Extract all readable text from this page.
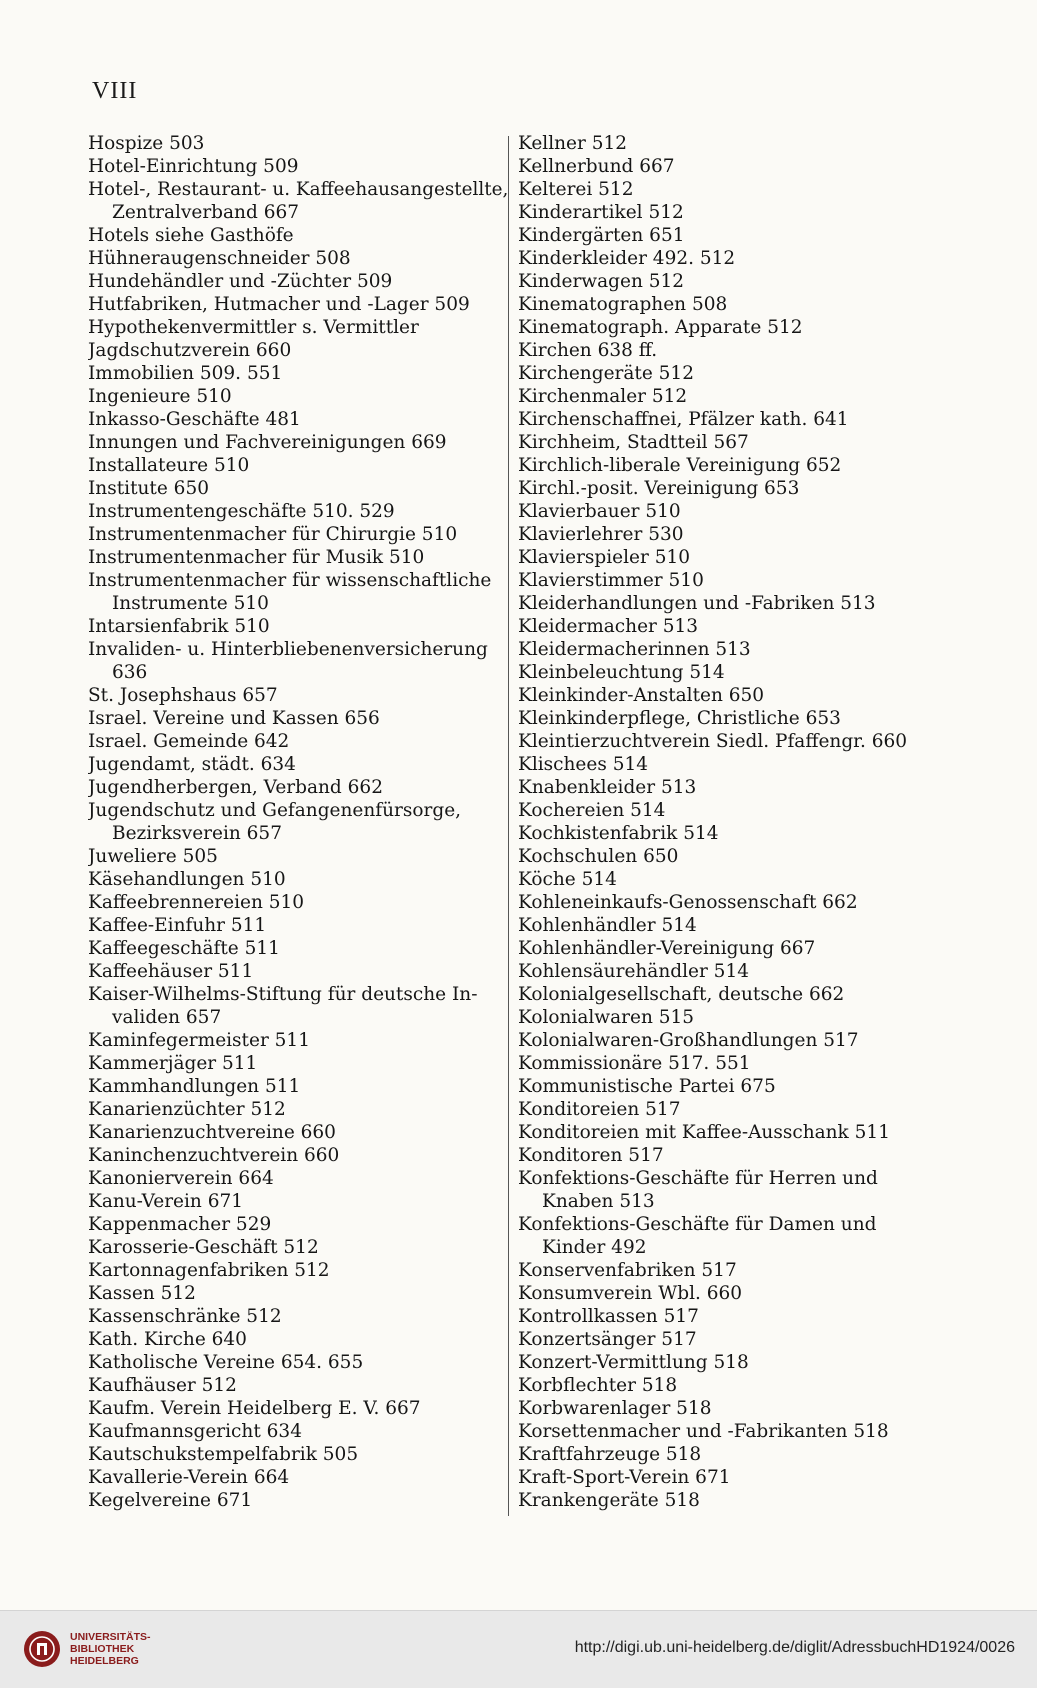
VIII
Hospize 503
Hotel-Einrichtung 509
Hotel-, Restaurant- u. Kaffeehausangestellte,
Zentralverband 667
Hotels siehe Gasthöfe
Hühneraugenschneider 508
Hundehändler und -Züchter 509
Hutfabriken, Hutmacher und -Lager 509
Hypothekenvermittler s. Vermittler
Jagdschutzverein 660
Immobilien 509. 551
Ingenieure 510
Inkasso-Geschäfte 481
Innungen und Fachvereinigungen 669
Installateure 510
Institute 650
Instrumentengeschäfte 510. 529
Instrumentenmacher für Chirurgie 510
Instrumentenmacher für Musik 510
Instrumentenmacher für wissenschaftliche
Instrumente 510
Intarsienfabrik 510
Invaliden- u. Hinterbliebenenversicherung
636
St. Josephshaus 657
Israel. Vereine und Kassen 656
Israel. Gemeinde 642
Jugendamt, städt. 634
Jugendherbergen, Verband 662
Jugendschutz und Gefangenenfürsorge,
Bezirksverein 657
Juweliere 505
Käsehandlungen 510
Kaffeebrennereien 510
Kaffee-Einfuhr 511
Kaffeegeschäfte 511
Kaffeehäuser 511
Kaiser-Wilhelms-Stiftung für deutsche In-
validen 657
Kaminfegermeister 511
Kammerjäger 511
Kammhandlungen 511
Kanarienzüchter 512
Kanarienzuchtvereine 660
Kaninchenzuchtverein 660
Kanonierverein 664
Kanu-Verein 671
Kappenmacher 529
Karosserie-Geschäft 512
Kartonnagenfabriken 512
Kassen 512
Kassenschränke 512
Kath. Kirche 640
Katholische Vereine 654. 655
Kaufhäuser 512
Kaufm. Verein Heidelberg E. V. 667
Kaufmannsgericht 634
Kautschukstempelfabrik 505
Kavallerie-Verein 664
Kegelvereine 671
Kellner 512
Kellnerbund 667
Kelterei 512
Kinderartikel 512
Kindergärten 651
Kinderkleider 492. 512
Kinderwagen 512
Kinematographen 508
Kinematograph. Apparate 512
Kirchen 638 ff.
Kirchengeräte 512
Kirchenmaler 512
Kirchenschaffnei, Pfälzer kath. 641
Kirchheim, Stadtteil 567
Kirchlich-liberale Vereinigung 652
Kirchl.-posit. Vereinigung 653
Klavierbauer 510
Klavierlehrer 530
Klavierspieler 510
Klavierstimmer 510
Kleiderhandlungen und -Fabriken 513
Kleidermacher 513
Kleidermacherinnen 513
Kleinbeleuchtung 514
Kleinkinder-Anstalten 650
Kleinkinderpflege, Christliche 653
Kleintierzuchtverein Siedl. Pfaffengr. 660
Klischees 514
Knabenkleider 513
Kochereien 514
Kochkistenfabrik 514
Kochschulen 650
Köche 514
Kohleneinkaufs-Genossenschaft 662
Kohlenhändler 514
Kohlenhändler-Vereinigung 667
Kohlensäurehändler 514
Kolonialgesellschaft, deutsche 662
Kolonialwaren 515
Kolonialwaren-Großhandlungen 517
Kommissionäre 517. 551
Kommunistische Partei 675
Konditoreien 517
Konditoreien mit Kaffee-Ausschank 511
Konditoren 517
Konfektions-Geschäfte für Herren und
Knaben 513
Konfektions-Geschäfte für Damen und
Kinder 492
Konservenfabriken 517
Konsumverein Wbl. 660
Kontrollkassen 517
Konzertsänger 517
Konzert-Vermittlung 518
Korbflechter 518
Korbwarenlager 518
Korsettenmacher und -Fabrikanten 518
Kraftfahrzeuge 518
Kraft-Sport-Verein 671
Krankengeräte 518
UNIVERSITÄTS-
BIBLIOTHEK
HEIDELBERG
http://digi.ub.uni-heidelberg.de/diglit/AdressbuchHD1924/0026
